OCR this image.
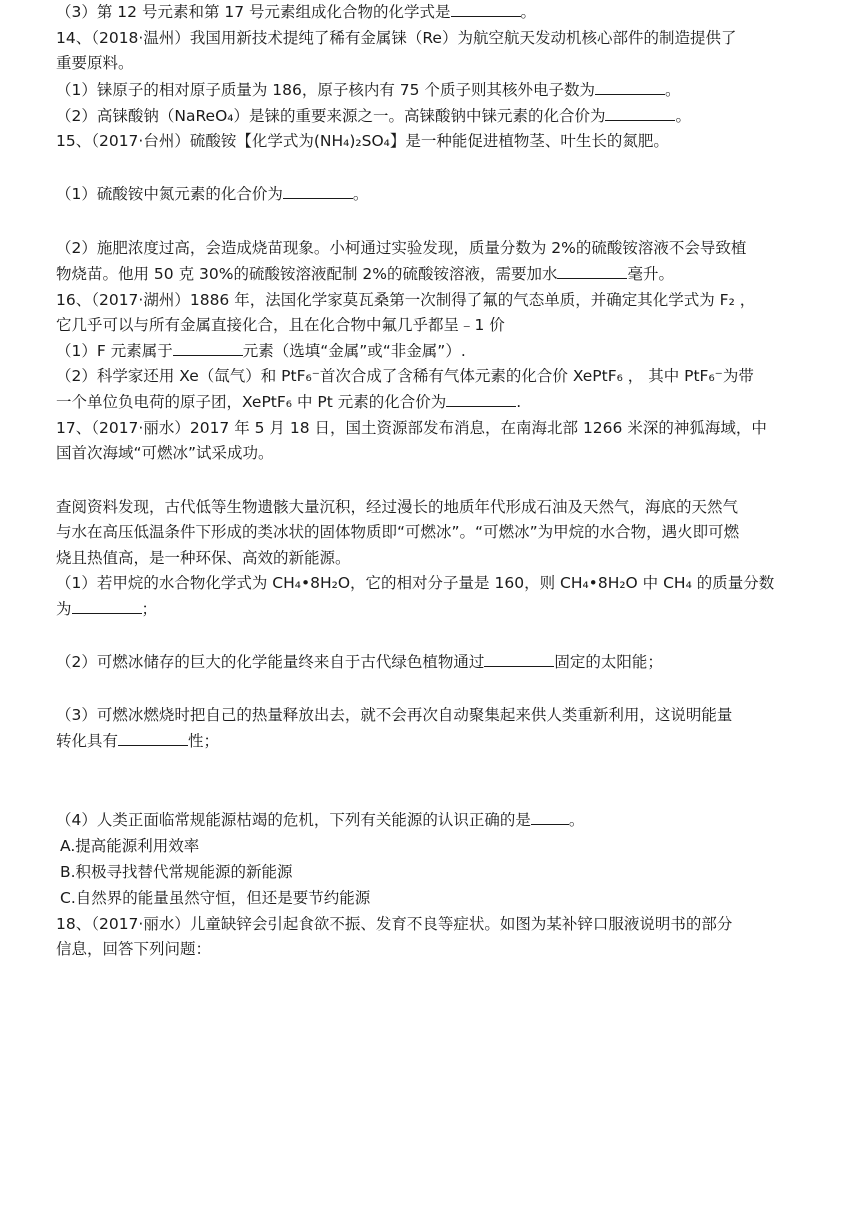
（3）第 12 号元素和第 17 号元素组成化合物的化学式是	。
14、（2018·温州）我国用新技术提纯了稀有金属铼（Re）为航空航天发动机核心部件的制造提供了
重要原料。
（1）铼原子的相对原子质量为 186，原子核内有 75 个质子则其核外电子数为	。
（2）高铼酸钠（NaReO₄）是铼的重要来源之一。高铼酸钠中铼元素的化合价为	。
15、（2017·台州）硫酸铵【化学式为(NH₄)₂SO₄】是一种能促进植物茎、叶生长的氮肥。
（1）硫酸铵中氮元素的化合价为	。
（2）施肥浓度过高，会造成烧苗现象。小柯通过实验发现，质量分数为 2%的硫酸铵溶液不会导致植
物烧苗。他用 50 克 30%的硫酸铵溶液配制 2%的硫酸铵溶液，需要加水	毫升。
16、（2017·湖州）1886 年，法国化学家莫瓦桑第一次制得了氟的气态单质，并确定其化学式为 F₂ ，
它几乎可以与所有金属直接化合，且在化合物中氟几乎都呈﹣1 价
（1）F 元素属于	元素（选填“金属”或“非金属”）.
（2）科学家还用 Xe（氙气）和 PtF₆⁻首次合成了含稀有气体元素的化合价 XePtF₆ ， 其中 PtF₆⁻为带
一个单位负电荷的原子团，XePtF₆ 中 Pt 元素的化合价为	.
17、（2017·丽水）2017 年 5 月 18 日，国土资源部发布消息，在南海北部 1266 米深的神狐海域，中
国首次海域“可燃冰”试采成功。
查阅资料发现，古代低等生物遗骸大量沉积，经过漫长的地质年代形成石油及天然气，海底的天然气
与水在高压低温条件下形成的类冰状的固体物质即“可燃冰”。“可燃冰”为甲烷的水合物，遇火即可燃
烧且热值高，是一种环保、高效的新能源。
（1）若甲烷的水合物化学式为 CH₄•8H₂O，它的相对分子量是 160，则 CH₄•8H₂O 中 CH₄ 的质量分数
为	；
（2）可燃冰储存的巨大的化学能量终来自于古代绿色植物通过	固定的太阳能；
（3）可燃冰燃烧时把自己的热量释放出去，就不会再次自动聚集起来供人类重新利用，这说明能量
转化具有	性；
（4）人类正面临常规能源枯竭的危机，下列有关能源的认识正确的是 。
A.提高能源利用效率
B.积极寻找替代常规能源的新能源
C.自然界的能量虽然守恒，但还是要节约能源
18、（2017·丽水）儿童缺锌会引起食欲不振、发育不良等症状。如图为某补锌口服液说明书的部分
信息，回答下列问题：
